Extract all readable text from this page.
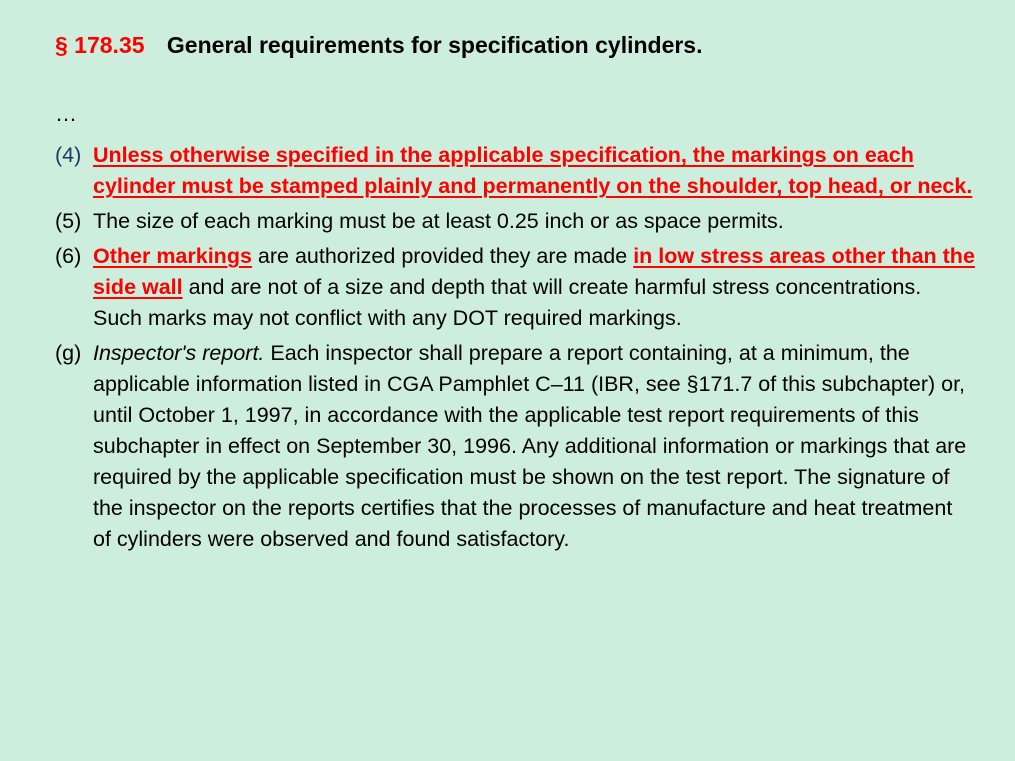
§ 178.35 General requirements for specification cylinders.
…
(4) Unless otherwise specified in the applicable specification, the markings on each cylinder must be stamped plainly and permanently on the shoulder, top head, or neck.
(5) The size of each marking must be at least 0.25 inch or as space permits.
(6) Other markings are authorized provided they are made in low stress areas other than the side wall and are not of a size and depth that will create harmful stress concentrations. Such marks may not conflict with any DOT required markings.
(g) Inspector's report. Each inspector shall prepare a report containing, at a minimum, the applicable information listed in CGA Pamphlet C–11 (IBR, see §171.7 of this subchapter) or, until October 1, 1997, in accordance with the applicable test report requirements of this subchapter in effect on September 30, 1996. Any additional information or markings that are required by the applicable specification must be shown on the test report. The signature of the inspector on the reports certifies that the processes of manufacture and heat treatment of cylinders were observed and found satisfactory.
